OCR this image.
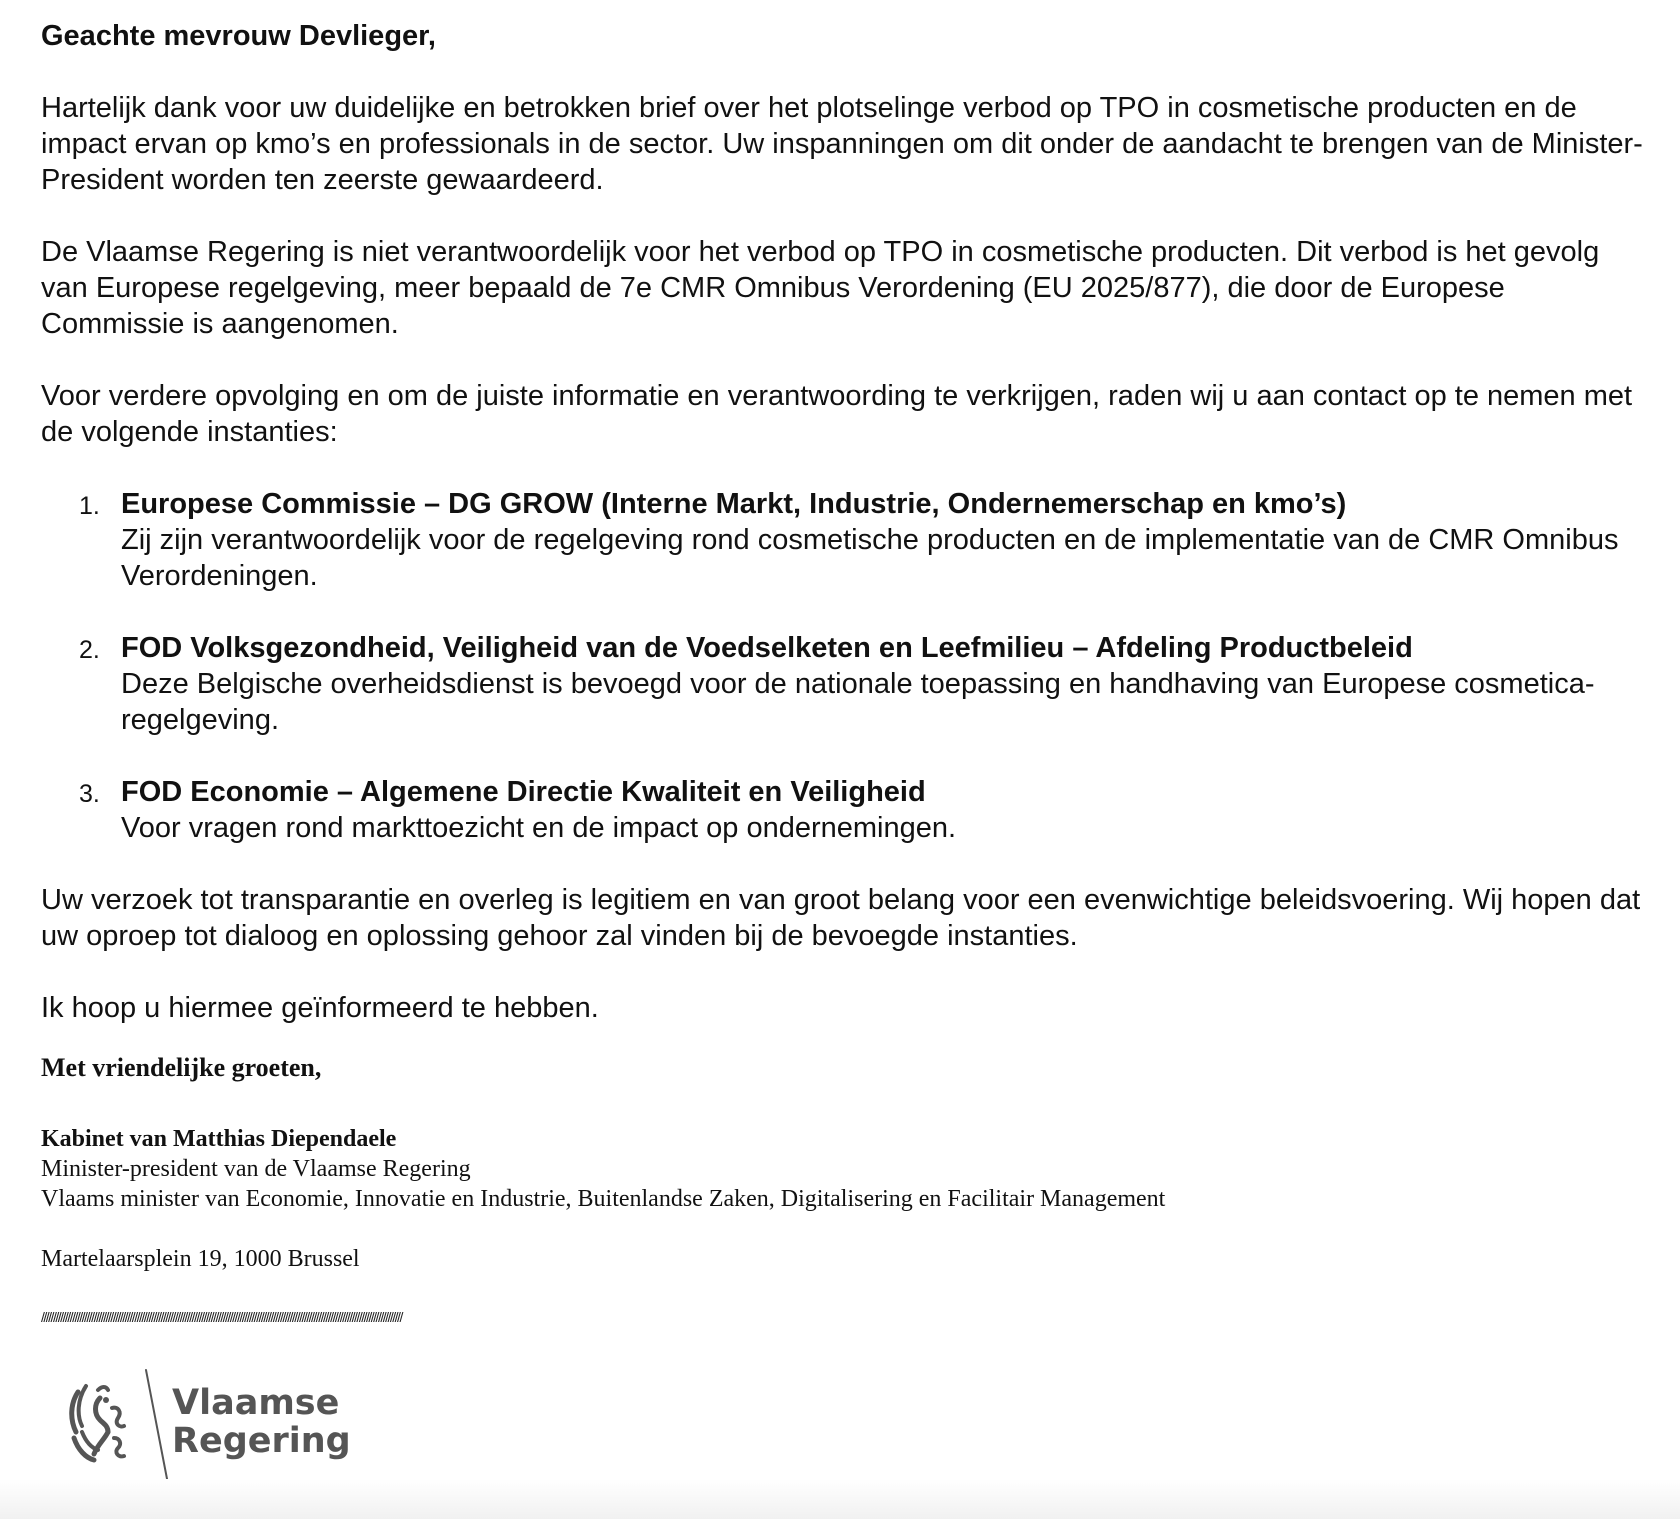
Geachte mevrouw Devlieger,

Hartelijk dank voor uw duidelijke en betrokken brief over het plotselinge verbod op TPO in cosmetische producten en de impact ervan op kmo’s en professionals in de sector. Uw inspanningen om dit onder de aandacht te brengen van de Minister-President worden ten zeerste gewaardeerd.

De Vlaamse Regering is niet verantwoordelijk voor het verbod op TPO in cosmetische producten. Dit verbod is het gevolg van Europese regelgeving, meer bepaald de 7e CMR Omnibus Verordening (EU 2025/877), die door de Europese Commissie is aangenomen.

Voor verdere opvolging en om de juiste informatie en verantwoording te verkrijgen, raden wij u aan contact op te nemen met de volgende instanties:

1. Europese Commissie – DG GROW (Interne Markt, Industrie, Ondernemerschap en kmo’s)
Zij zijn verantwoordelijk voor de regelgeving rond cosmetische producten en de implementatie van de CMR Omnibus Verordeningen.
2. FOD Volksgezondheid, Veiligheid van de Voedselketen en Leefmilieu – Afdeling Productbeleid
Deze Belgische overheidsdienst is bevoegd voor de nationale toepassing en handhaving van Europese cosmetica-regelgeving.
3. FOD Economie – Algemene Directie Kwaliteit en Veiligheid
Voor vragen rond markttoezicht en de impact op ondernemingen.

Uw verzoek tot transparantie en overleg is legitiem en van groot belang voor een evenwichtige beleidsvoering. Wij hopen dat uw oproep tot dialoog en oplossing gehoor zal vinden bij de bevoegde instanties.

Ik hoop u hiermee geïnformeerd te hebben.

Met vriendelijke groeten,

Kabinet van Matthias Diependaele
Minister-president van de Vlaamse Regering
Vlaams minister van Economie, Innovatie en Industrie, Buitenlandse Zaken, Digitalisering en Facilitair Management
Martelaarsplein 19, 1000 Brussel
///////////////////////////////////////////////////////////////////////////////////////////////////////////////////////////////////////////////////////
Vlaamse
Regering
